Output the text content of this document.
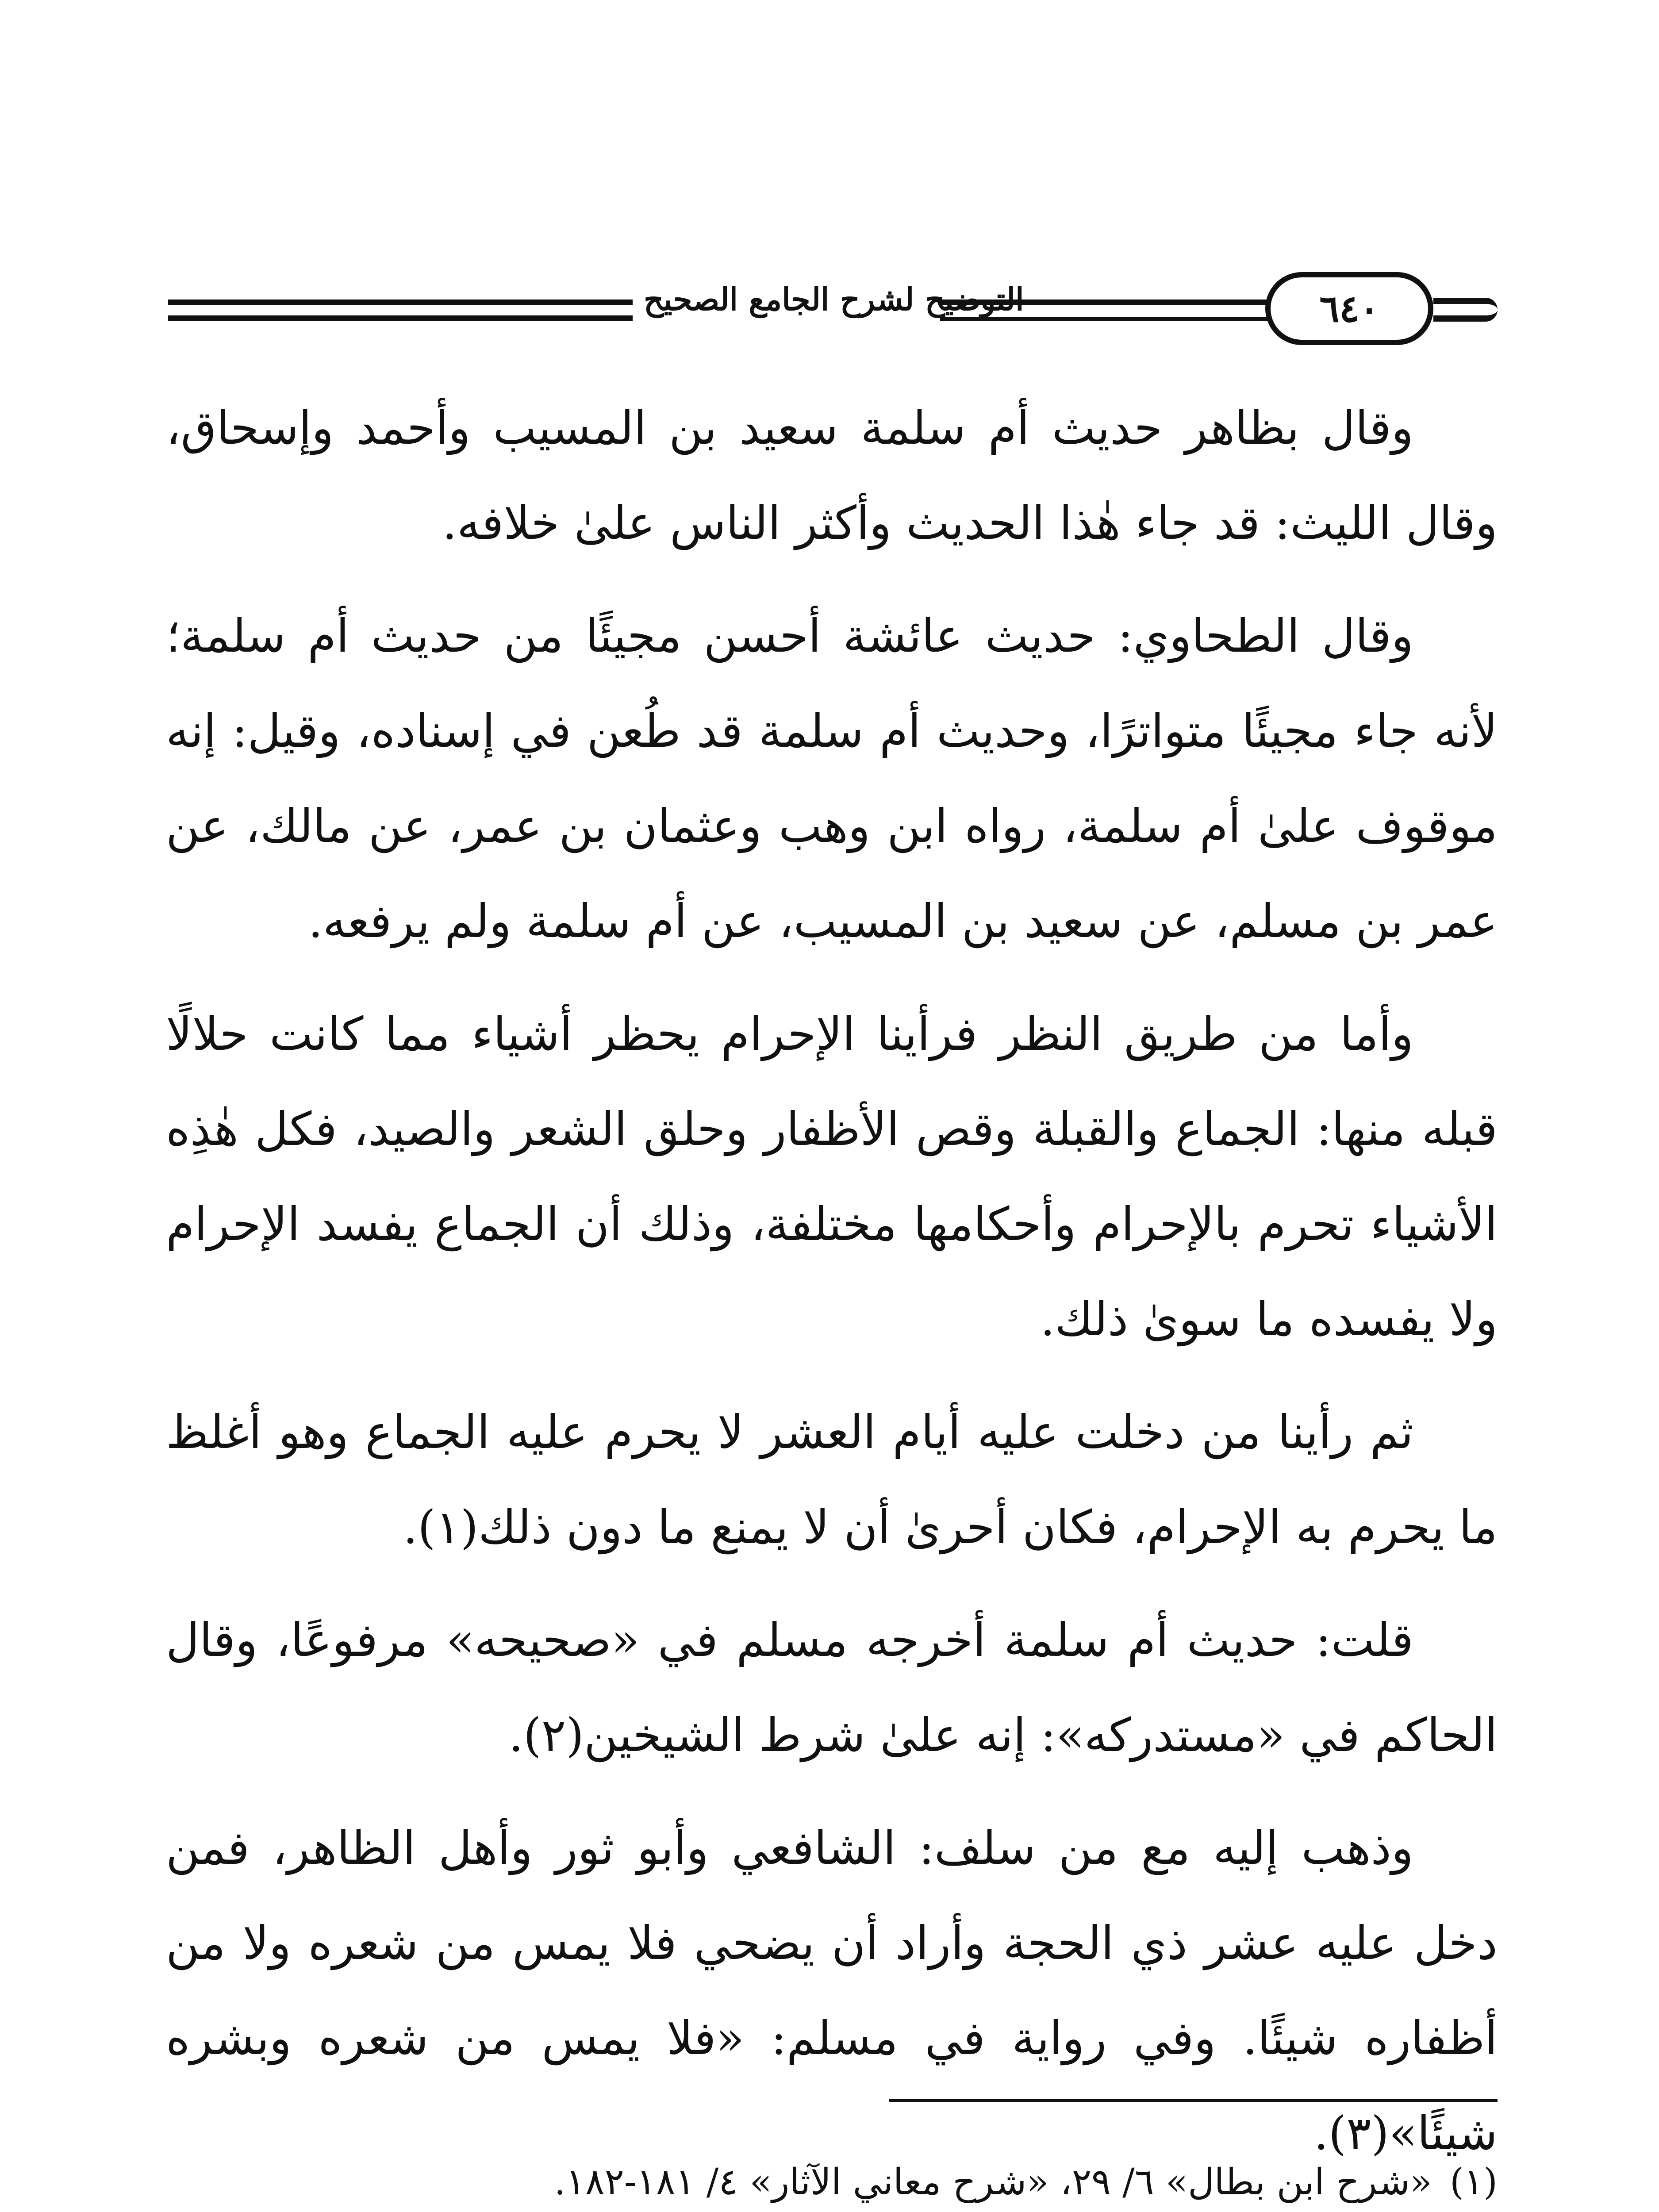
التوضيح لشرح الجامع الصحيح	٦٤٠

وقال بظاهر حديث أم سلمة سعيد بن المسيب وأحمد وإسحاق، وقال الليث: قد جاء هٰذا الحديث وأكثر الناس علىٰ خلافه.

وقال الطحاوي: حديث عائشة أحسن مجيئًا من حديث أم سلمة؛ لأنه جاء مجيئًا متواترًا، وحديث أم سلمة قد طُعن في إسناده، وقيل: إنه موقوف علىٰ أم سلمة، رواه ابن وهب وعثمان بن عمر، عن مالك، عن عمر بن مسلم، عن سعيد بن المسيب، عن أم سلمة ولم يرفعه.

وأما من طريق النظر فرأينا الإحرام يحظر أشياء مما كانت حلالًا قبله منها: الجماع والقبلة وقص الأظفار وحلق الشعر والصيد، فكل هٰذِه الأشياء تحرم بالإحرام وأحكامها مختلفة، وذلك أن الجماع يفسد الإحرام ولا يفسده ما سوىٰ ذلك.

ثم رأينا من دخلت عليه أيام العشر لا يحرم عليه الجماع وهو أغلظ ما يحرم به الإحرام، فكان أحرىٰ أن لا يمنع ما دون ذلك(١).

قلت: حديث أم سلمة أخرجه مسلم في «صحيحه» مرفوعًا، وقال الحاكم في «مستدركه»: إنه علىٰ شرط الشيخين(٢).

وذهب إليه مع من سلف: الشافعي وأبو ثور وأهل الظاهر، فمن دخل عليه عشر ذي الحجة وأراد أن يضحي فلا يمس من شعره ولا من أظفاره شيئًا. وفي رواية في مسلم: «فلا يمس من شعره وبشره شيئًا»(٣).

(١)«شرح ابن بطال» ٦/ ٢٩، «شرح معاني الآثار» ٤/ ١٨١-١٨٢.
